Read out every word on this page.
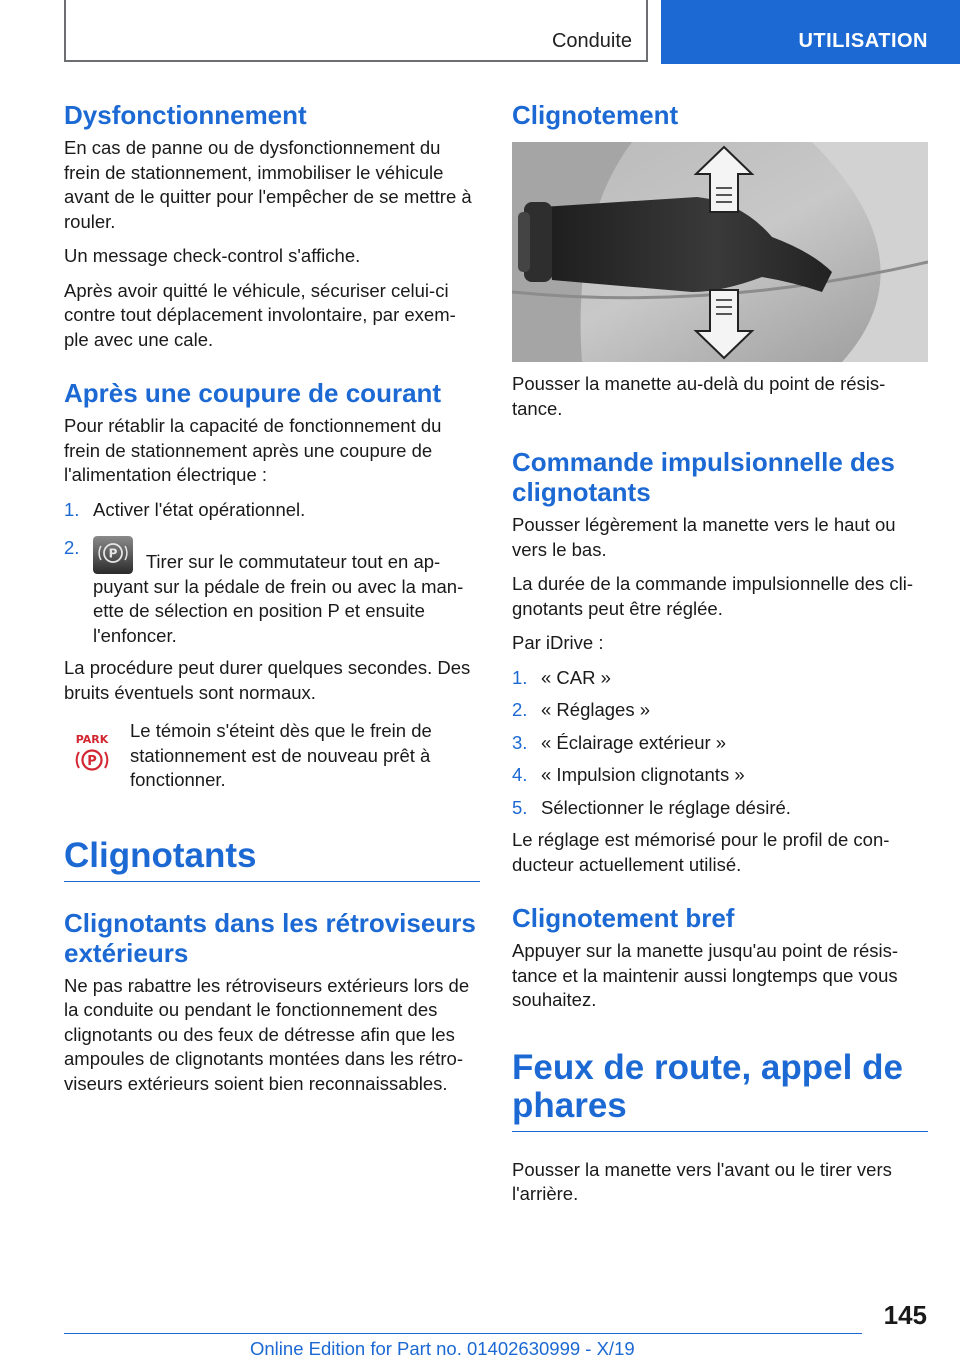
Conduite	UTILISATION
Dysfonctionnement

En cas de panne ou de dysfonctionnement du frein de stationnement, immobiliser le véhicule avant de le quitter pour l'empêcher de se mettre à rouler.

Un message check-control s'affiche.

Après avoir quitté le véhicule, sécuriser celui-ci contre tout déplacement involontaire, par exem-ple avec une cale.

Après une coupure de courant

Pour rétablir la capacité de fonctionnement du frein de stationnement après une coupure de l'alimentation électrique :

1. Activer l'état opérationnel.
2. P Tirer sur le commutateur tout en ap-puyant sur la pédale de frein ou avec la man-ette de sélection en position P et ensuite l'enfoncer.

La procédure peut durer quelques secondes. Des bruits éventuels sont normaux.

PARK
P

Le témoin s'éteint dès que le frein de stationnement est de nouveau prêt à fonctionner.

Clignotants
Clignotants dans les rétroviseurs extérieurs

Ne pas rabattre les rétroviseurs extérieurs lors de la conduite ou pendant le fonctionnement des clignotants ou des feux de détresse afin que les ampoules de clignotants montées dans les rétro-viseurs extérieurs soient bien reconnaissables.

Clignotement

Pousser la manette au-delà du point de résis-tance.

Commande impulsionnelle des clignotants

Pousser légèrement la manette vers le haut ou vers le bas.

La durée de la commande impulsionnelle des cli-gnotants peut être réglée.

Par iDrive :

1. « CAR »
2. « Réglages »
3. « Éclairage extérieur »
4. « Impulsion clignotants »
5. Sélectionner le réglage désiré.

Le réglage est mémorisé pour le profil de con-ducteur actuellement utilisé.

Clignotement bref

Appuyer sur la manette jusqu'au point de résis-tance et la maintenir aussi longtemps que vous souhaitez.

Feux de route, appel de phares

Pousser la manette vers l'avant ou le tirer vers l'arrière.

145
Online Edition for Part no. 01402630999 - X/19
